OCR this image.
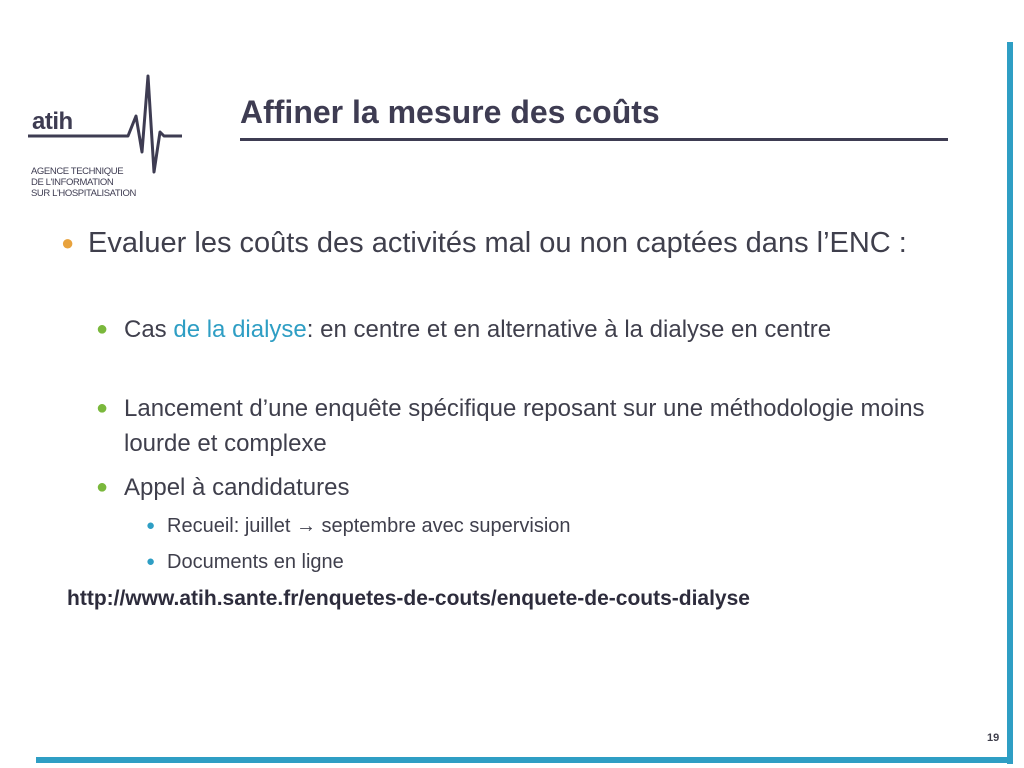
atih
AGENCE TECHNIQUE
DE L'INFORMATION
SUR L'HOSPITALISATION
Affiner la mesure des coûts
● Evaluer les coûts des activités mal ou non captées dans l’ENC :
● Cas de la dialyse: en centre et en alternative à la dialyse en centre
● Lancement d’une enquête spécifique reposant sur une méthodologie moins lourde et complexe
● Appel à candidatures
● Recueil: juillet → septembre avec supervision
● Documents en ligne
http://www.atih.sante.fr/enquetes-de-couts/enquete-de-couts-dialyse
19
